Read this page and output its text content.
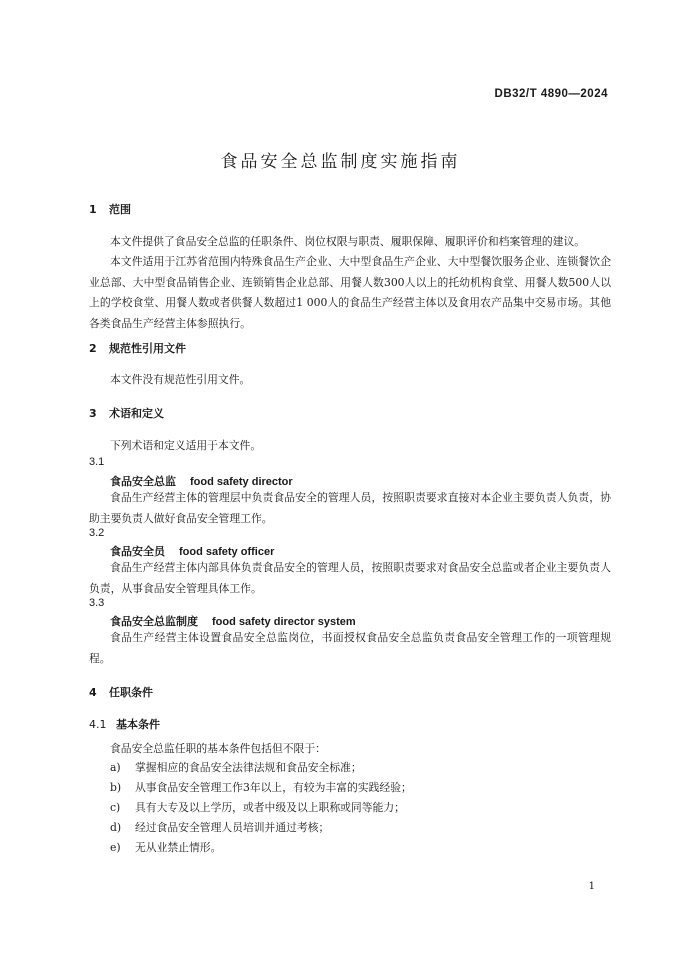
DB32/T 4890—2024
食品安全总监制度实施指南
1 范围
本文件提供了食品安全总监的任职条件、岗位权限与职责、履职保障、履职评价和档案管理的建议。
本文件适用于江苏省范围内特殊食品生产企业、大中型食品生产企业、大中型餐饮服务企业、连锁餐饮企业总部、大中型食品销售企业、连锁销售企业总部、用餐人数300人以上的托幼机构食堂、用餐人数500人以上的学校食堂、用餐人数或者供餐人数超过1 000人的食品生产经营主体以及食用农产品集中交易市场。其他各类食品生产经营主体参照执行。
2 规范性引用文件
本文件没有规范性引用文件。
3 术语和定义
下列术语和定义适用于本文件。
3.1
食品安全总监 food safety director
食品生产经营主体的管理层中负责食品安全的管理人员，按照职责要求直接对本企业主要负责人负责，协助主要负责人做好食品安全管理工作。
3.2
食品安全员 food safety officer
食品生产经营主体内部具体负责食品安全的管理人员，按照职责要求对食品安全总监或者企业主要负责人负责，从事食品安全管理具体工作。
3.3
食品安全总监制度 food safety director system
食品生产经营主体设置食品安全总监岗位，书面授权食品安全总监负责食品安全管理工作的一项管理规程。
4 任职条件
4.1 基本条件
食品安全总监任职的基本条件包括但不限于：
a) 掌握相应的食品安全法律法规和食品安全标准；
b) 从事食品安全管理工作3年以上，有较为丰富的实践经验；
c) 具有大专及以上学历，或者中级及以上职称或同等能力；
d) 经过食品安全管理人员培训并通过考核；
e) 无从业禁止情形。
1
